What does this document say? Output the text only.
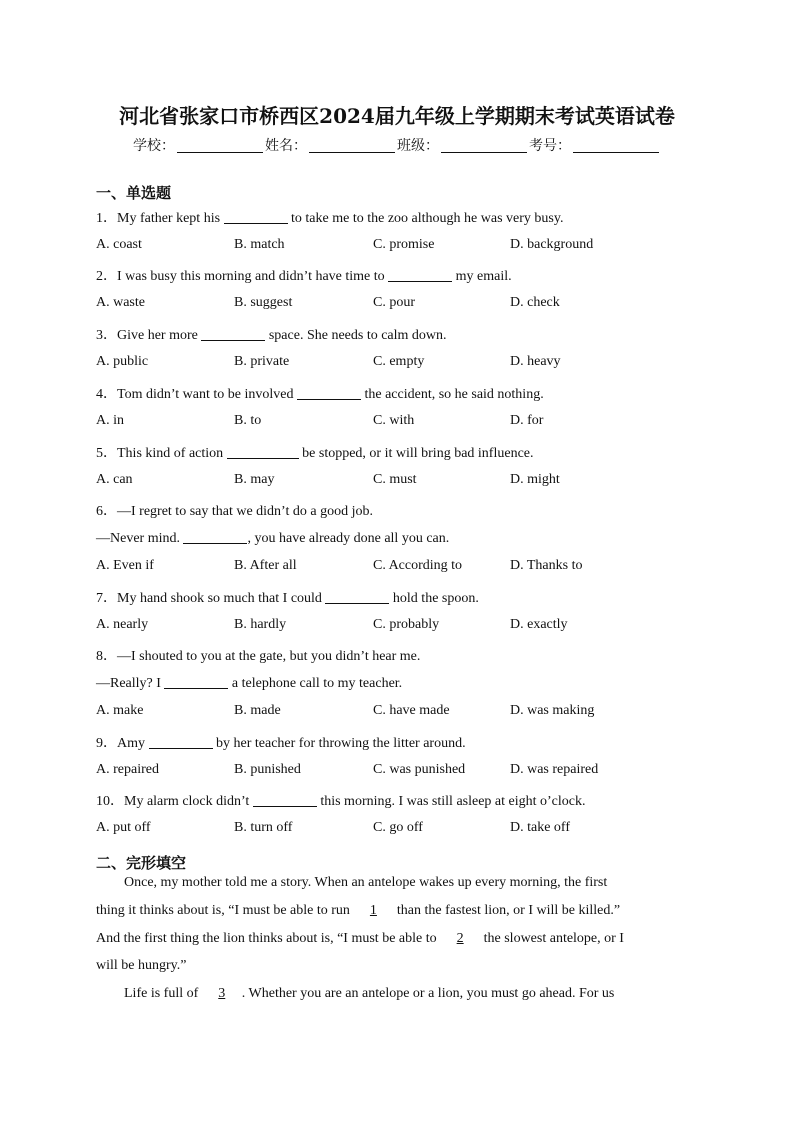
河北省张家口市桥西区2024届九年级上学期期末考试英语试卷
学校：	姓名：	班级：	考号：
一、单选题
1．My father kept his	to take me to the zoo although he was very busy.
A. coast	B. match	C. promise	D. background
2．I was busy this morning and didn’t have time to	my email.
A. waste	B. suggest	C. pour	D. check
3．Give her more	space. She needs to calm down.
A. public	B. private	C. empty	D. heavy
4．Tom didn’t want to be involved	the accident, so he said nothing.
A. in	B. to	C. with	D. for
5．This kind of action	be stopped, or it will bring bad influence.
A. can	B. may	C. must	D. might
6．—I regret to say that we didn’t do a good job.
—Never mind.	, you have already done all you can.
A. Even if	B. After all	C. According to	D. Thanks to
7．My hand shook so much that I could	hold the spoon.
A. nearly	B. hardly	C. probably	D. exactly
8．—I shouted to you at the gate, but you didn’t hear me.
—Really? I	a telephone call to my teacher.
A. make	B. made	C. have made	D. was making
9．Amy	by her teacher for throwing the litter around.
A. repaired	B. punished	C. was punished	D. was repaired
10．My alarm clock didn’t	this morning. I was still asleep at eight o’clock.
A. put off	B. turn off	C. go off	D. take off
二、完形填空
Once, my mother told me a story. When an antelope wakes up every morning, the first
thing it thinks about is, “I must be able to run 1 than the fastest lion, or I will be killed.”
And the first thing the lion thinks about is, “I must be able to 2 the slowest antelope, or I
will be hungry.”
Life is full of 3 . Whether you are an antelope or a lion, you must go ahead. For us
